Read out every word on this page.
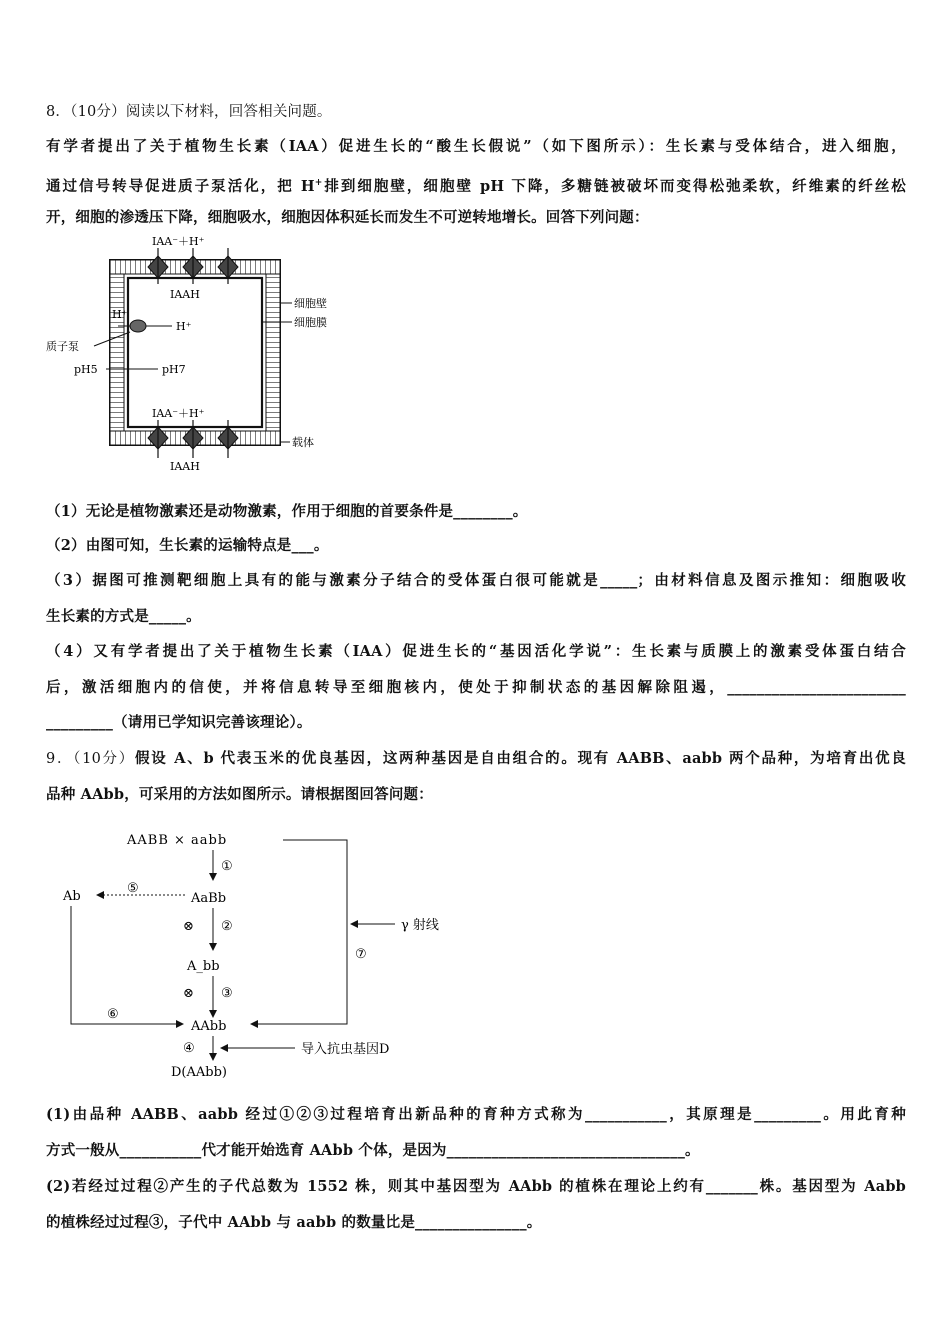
8．（10分）阅读以下材料，回答相关问题。
有学者提出了关于植物生长素（IAA）促进生长的“酸生长假说”（如下图所示）：生长素与受体结合，进入细胞，
通过信号转导促进质子泵活化，把 H+排到细胞壁，细胞壁 pH 下降，多糖链被破坏而变得松弛柔软，纤维素的纤丝松
开，细胞的渗透压下降，细胞吸水，细胞因体积延长而发生不可逆转地增长。回答下列问题：
IAA⁻＋H⁺
IAAH
细胞壁
细胞膜
H⁺
H⁺
质子泵
pH5	pH7
IAA⁻＋H⁺
载体
IAAH
（1）无论是植物激素还是动物激素，作用于细胞的首要条件是________。
（2）由图可知，生长素的运输特点是___。
（3）据图可推测靶细胞上具有的能与激素分子结合的受体蛋白很可能就是_____；由材料信息及图示推知：细胞吸收
生长素的方式是_____。
（4）又有学者提出了关于植物生长素（IAA）促进生长的“基因活化学说”：生长素与质膜上的激素受体蛋白结合
后，激活细胞内的信使，并将信息转导至细胞核内，使处于抑制状态的基因解除阻遏，________________________
_________（请用已学知识完善该理论）。
9．（10分）假设 A、b 代表玉米的优良基因，这两种基因是自由组合的。现有 AABB、aabb 两个品种，为培育出优良
品种 AAbb，可采用的方法如图所示。请根据图回答问题：
AABB × aabb
①
AaBb
⊗ ②
A_bb
⊗ ③
AAbb
④	导入抗虫基因D
D(AAbb)
⑤
Ab
⑥
⑦
γ 射线
(1)由品种 AABB、aabb 经过①②③过程培育出新品种的育种方式称为___________，其原理是_________。用此育种
方式一般从___________代才能开始选育 AAbb 个体，是因为________________________________。
(2)若经过过程②产生的子代总数为 1552 株，则其中基因型为 AAbb 的植株在理论上约有_______株。基因型为 Aabb
的植株经过过程③，子代中 AAbb 与 aabb 的数量比是_______________。
